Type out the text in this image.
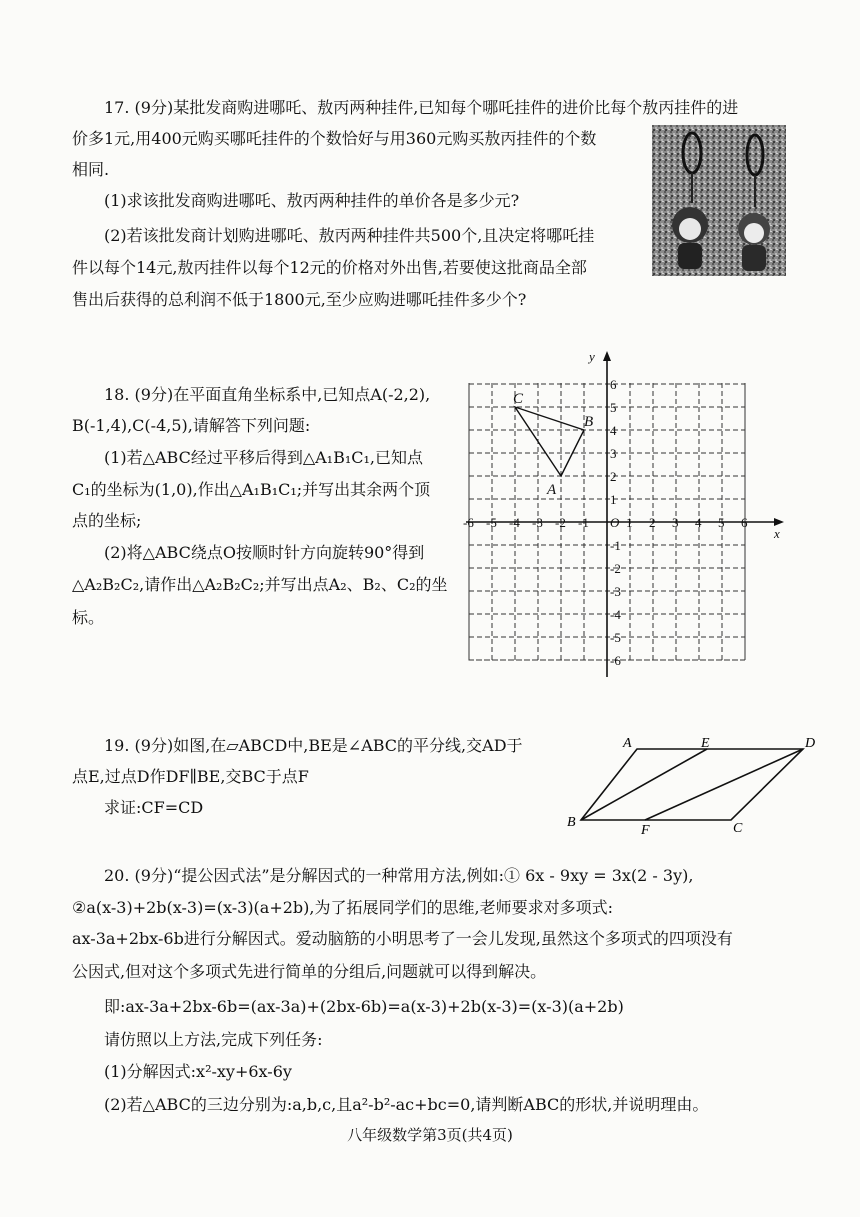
17. (9分)某批发商购进哪吒、敖丙两种挂件,已知每个哪吒挂件的进价比每个敖丙挂件的进
价多1元,用400元购买哪吒挂件的个数恰好与用360元购买敖丙挂件的个数
相同.
(1)求该批发商购进哪吒、敖丙两种挂件的单价各是多少元?
(2)若该批发商计划购进哪吒、敖丙两种挂件共500个,且决定将哪吒挂
件以每个14元,敖丙挂件以每个12元的价格对外出售,若要使这批商品全部
售出后获得的总利润不低于1800元,至少应购进哪吒挂件多少个?
18. (9分)在平面直角坐标系中,已知点A(-2,2),
B(-1,4),C(-4,5),请解答下列问题:
(1)若△ABC经过平移后得到△A₁B₁C₁,已知点
C₁的坐标为(1,0),作出△A₁B₁C₁;并写出其余两个顶
点的坐标;
(2)将△ABC绕点O按顺时针方向旋转90°得到
△A₂B₂C₂,请作出△A₂B₂C₂;并写出点A₂、B₂、C₂的坐
标。
x
y
O
-6 -5 -4 -3 -2 -1	1 2 3 4 5 6
6
5
4
3
2
1
-1
-2
-3
-4
-5
-6
A
B
C
19. (9分)如图,在▱ABCD中,BE是∠ABC的平分线,交AD于
点E,过点D作DF∥BE,交BC于点F
求证:CF=CD
A	E	D
B
F	C
20. (9分)“提公因式法”是分解因式的一种常用方法,例如:① 6x - 9xy = 3x(2 - 3y),
②a(x-3)+2b(x-3)=(x-3)(a+2b),为了拓展同学们的思维,老师要求对多项式:
ax-3a+2bx-6b进行分解因式。爱动脑筋的小明思考了一会儿发现,虽然这个多项式的四项没有
公因式,但对这个多项式先进行简单的分组后,问题就可以得到解决。
即:ax-3a+2bx-6b=(ax-3a)+(2bx-6b)=a(x-3)+2b(x-3)=(x-3)(a+2b)
请仿照以上方法,完成下列任务:
(1)分解因式:x²-xy+6x-6y
(2)若△ABC的三边分别为:a,b,c,且a²-b²-ac+bc=0,请判断ABC的形状,并说明理由。
八年级数学第3页(共4页)
